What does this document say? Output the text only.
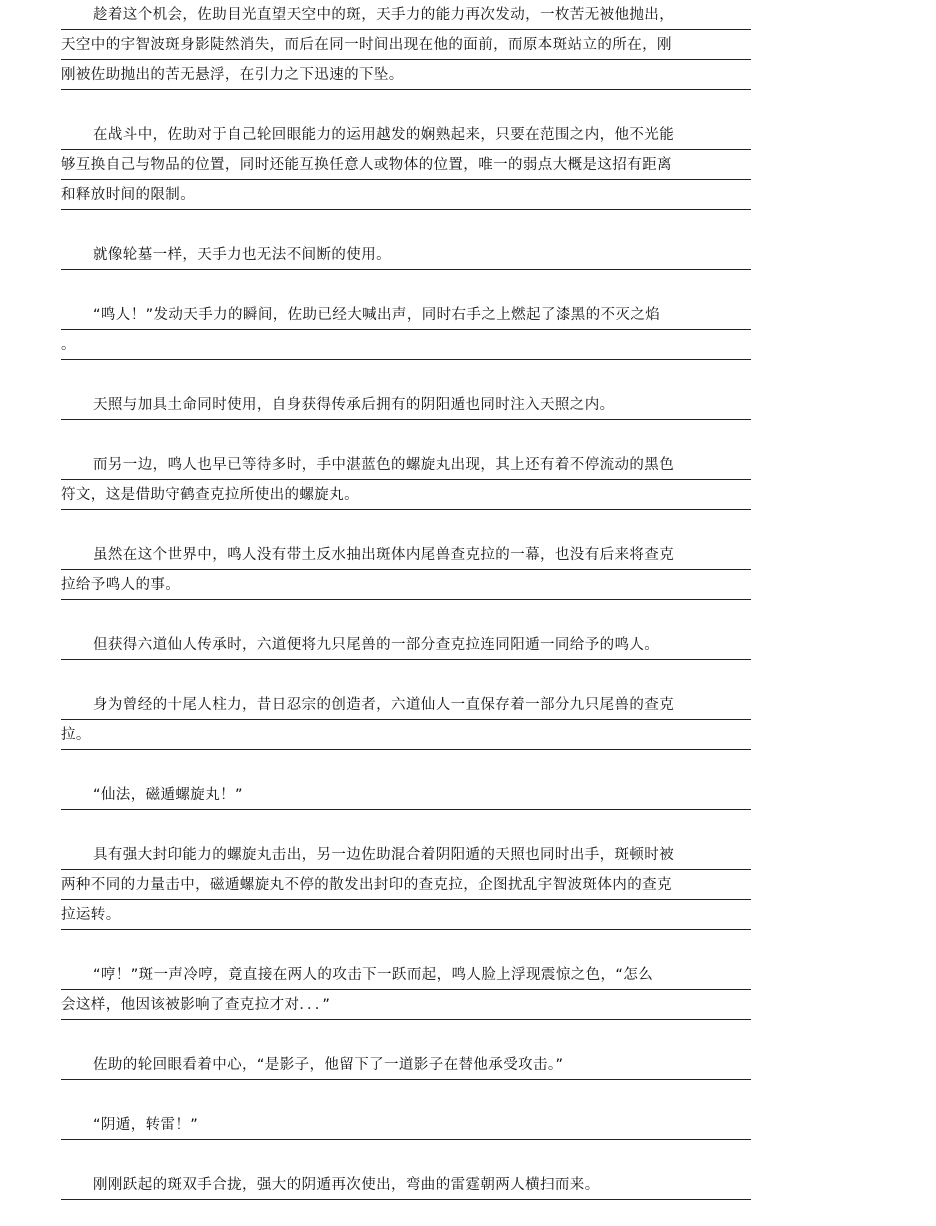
趁着这个机会，佐助目光直望天空中的斑，天手力的能力再次发动，一枚苦无被他抛出，
天空中的宇智波斑身影陡然消失，而后在同一时间出现在他的面前，而原本斑站立的所在，刚
刚被佐助抛出的苦无悬浮，在引力之下迅速的下坠。
在战斗中，佐助对于自己轮回眼能力的运用越发的娴熟起来，只要在范围之内，他不光能
够互换自己与物品的位置，同时还能互换任意人或物体的位置，唯一的弱点大概是这招有距离
和释放时间的限制。
就像轮墓一样，天手力也无法不间断的使用。
“鸣人！”发动天手力的瞬间，佐助已经大喊出声，同时右手之上燃起了漆黑的不灭之焰
。
天照与加具土命同时使用，自身获得传承后拥有的阴阳遁也同时注入天照之内。
而另一边，鸣人也早已等待多时，手中湛蓝色的螺旋丸出现，其上还有着不停流动的黑色
符文，这是借助守鹤查克拉所使出的螺旋丸。
虽然在这个世界中，鸣人没有带土反水抽出斑体内尾兽查克拉的一幕，也没有后来将查克
拉给予鸣人的事。
但获得六道仙人传承时，六道便将九只尾兽的一部分查克拉连同阳遁一同给予的鸣人。
身为曾经的十尾人柱力，昔日忍宗的创造者，六道仙人一直保存着一部分九只尾兽的查克
拉。
“仙法，磁遁螺旋丸！”
具有强大封印能力的螺旋丸击出，另一边佐助混合着阴阳遁的天照也同时出手，斑顿时被
两种不同的力量击中，磁遁螺旋丸不停的散发出封印的查克拉，企图扰乱宇智波斑体内的查克
拉运转。
“哼！”斑一声冷哼，竟直接在两人的攻击下一跃而起，鸣人脸上浮现震惊之色，“怎么
会这样，他因该被影响了查克拉才对．．．”
佐助的轮回眼看着中心，“是影子，他留下了一道影子在替他承受攻击。”
“阴遁，转雷！”
刚刚跃起的斑双手合拢，强大的阴遁再次使出，弯曲的雷霆朝两人横扫而来。
